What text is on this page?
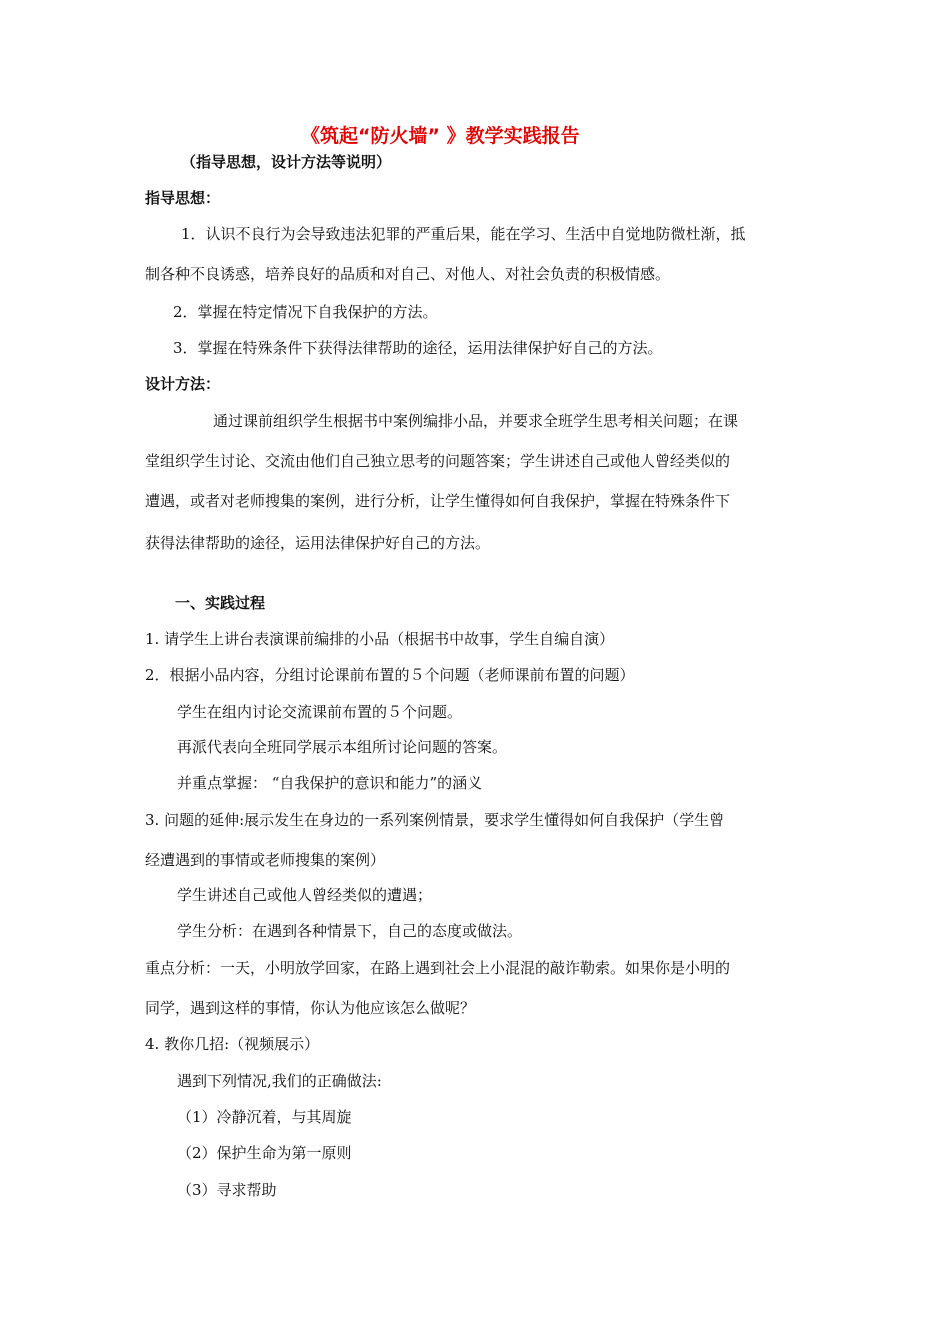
《筑起“防火墙” 》教学实践报告
（指导思想，设计方法等说明）
指导思想：
1．认识不良行为会导致违法犯罪的严重后果，能在学习、生活中自觉地防微杜渐，抵
制各种不良诱惑，培养良好的品质和对自己、对他人、对社会负责的积极情感。
2．掌握在特定情况下自我保护的方法。
3．掌握在特殊条件下获得法律帮助的途径，运用法律保护好自己的方法。
设计方法：
通过课前组织学生根据书中案例编排小品，并要求全班学生思考相关问题；在课
堂组织学生讨论、交流由他们自己独立思考的问题答案；学生讲述自己或他人曾经类似的
遭遇，或者对老师搜集的案例，进行分析，让学生懂得如何自我保护，掌握在特殊条件下
获得法律帮助的途径，运用法律保护好自己的方法。
一、实践过程
1. 请学生上讲台表演课前编排的小品（根据书中故事，学生自编自演）
2．根据小品内容，分组讨论课前布置的５个问题（老师课前布置的问题）
学生在组内讨论交流课前布置的５个问题。
再派代表向全班同学展示本组所讨论问题的答案。
并重点掌握： “自我保护的意识和能力”的涵义
3. 问题的延伸:展示发生在身边的一系列案例情景，要求学生懂得如何自我保护（学生曾
经遭遇到的事情或老师搜集的案例）
学生讲述自己或他人曾经类似的遭遇；
学生分析：在遇到各种情景下，自己的态度或做法。
重点分析：一天，小明放学回家，在路上遇到社会上小混混的敲诈勒索。如果你是小明的
同学，遇到这样的事情，你认为他应该怎么做呢？
4. 教你几招:（视频展示）
遇到下列情况,我们的正确做法:
（1）冷静沉着，与其周旋
（2）保护生命为第一原则
（3）寻求帮助
